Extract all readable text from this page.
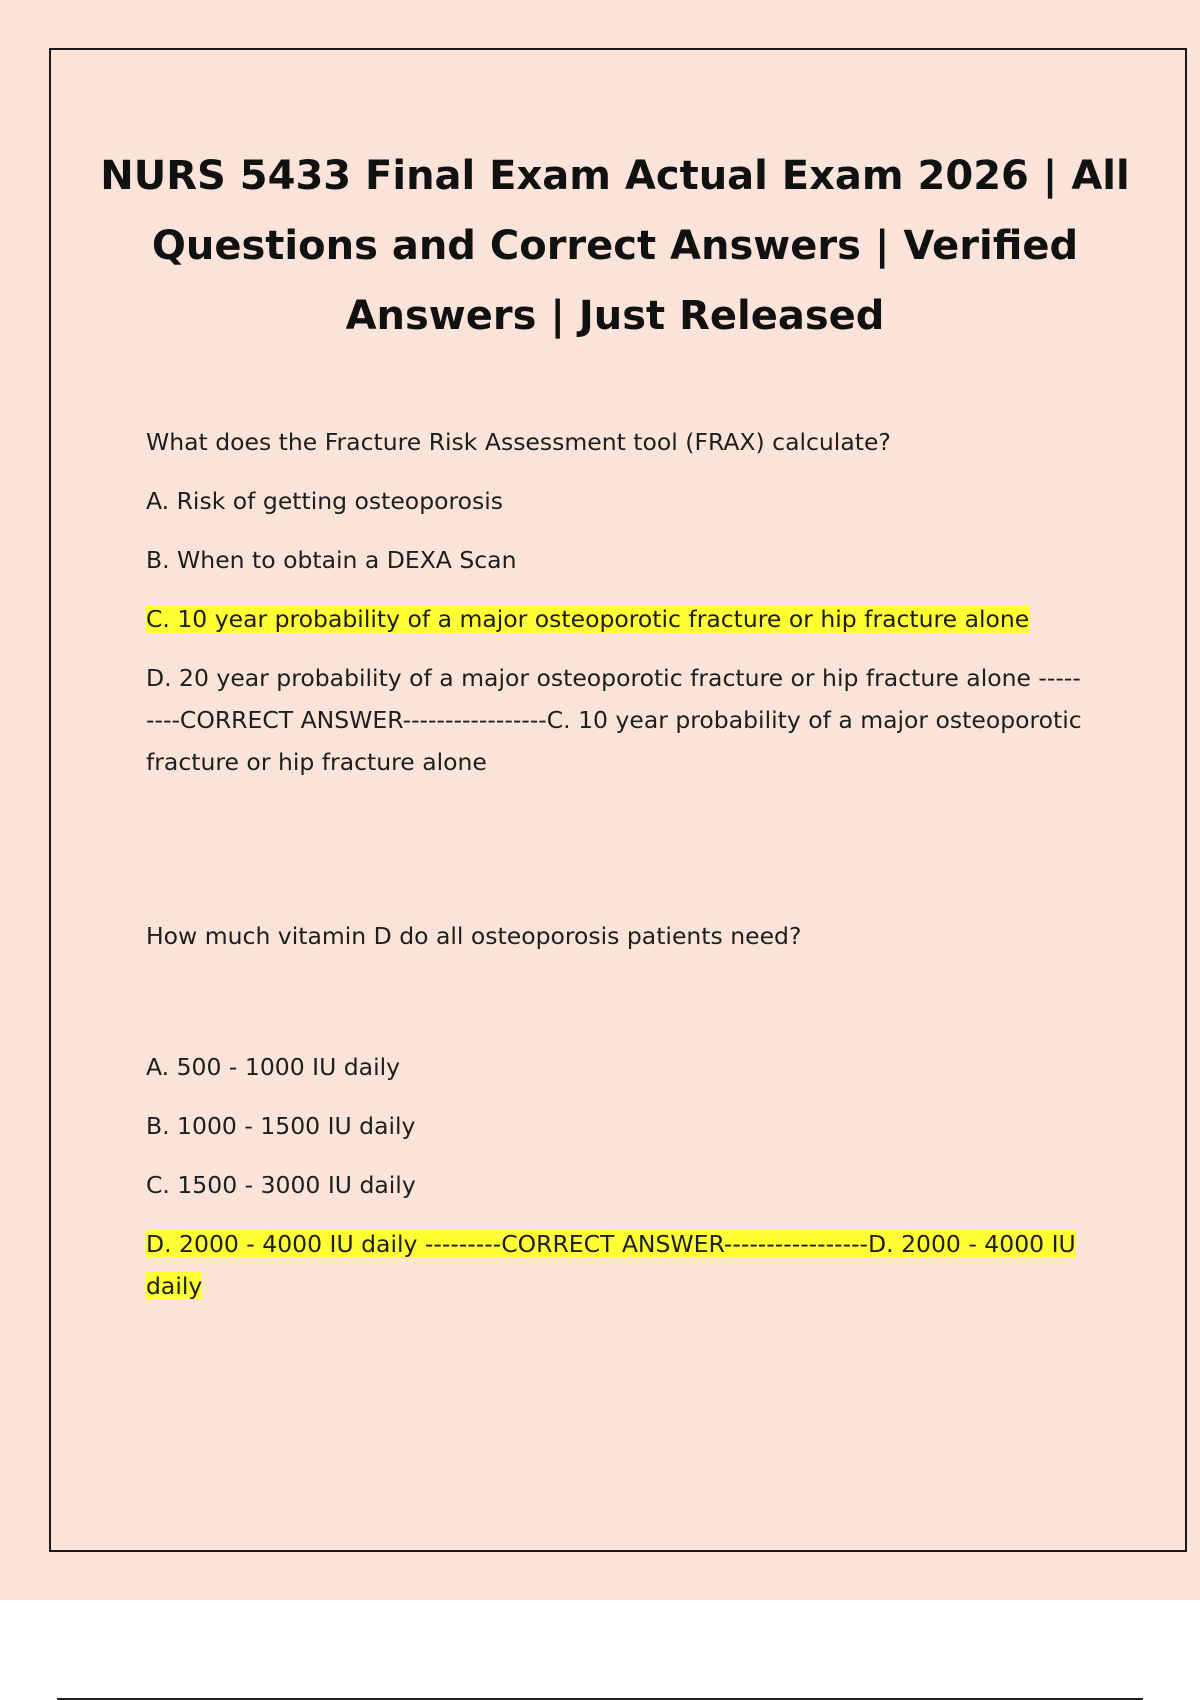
NURS 5433 Final Exam Actual Exam 2026 | All Questions and Correct Answers | Verified Answers | Just Released

What does the Fracture Risk Assessment tool (FRAX) calculate?

A. Risk of getting osteoporosis

B. When to obtain a DEXA Scan

C. 10 year probability of a major osteoporotic fracture or hip fracture alone

D. 20 year probability of a major osteoporotic fracture or hip fracture alone ---------CORRECT ANSWER-----------------C. 10 year probability of a major osteoporotic fracture or hip fracture alone

How much vitamin D do all osteoporosis patients need?

A. 500 - 1000 IU daily

B. 1000 - 1500 IU daily

C. 1500 - 3000 IU daily

D. 2000 - 4000 IU daily ---------CORRECT ANSWER-----------------D. 2000 - 4000 IU daily
